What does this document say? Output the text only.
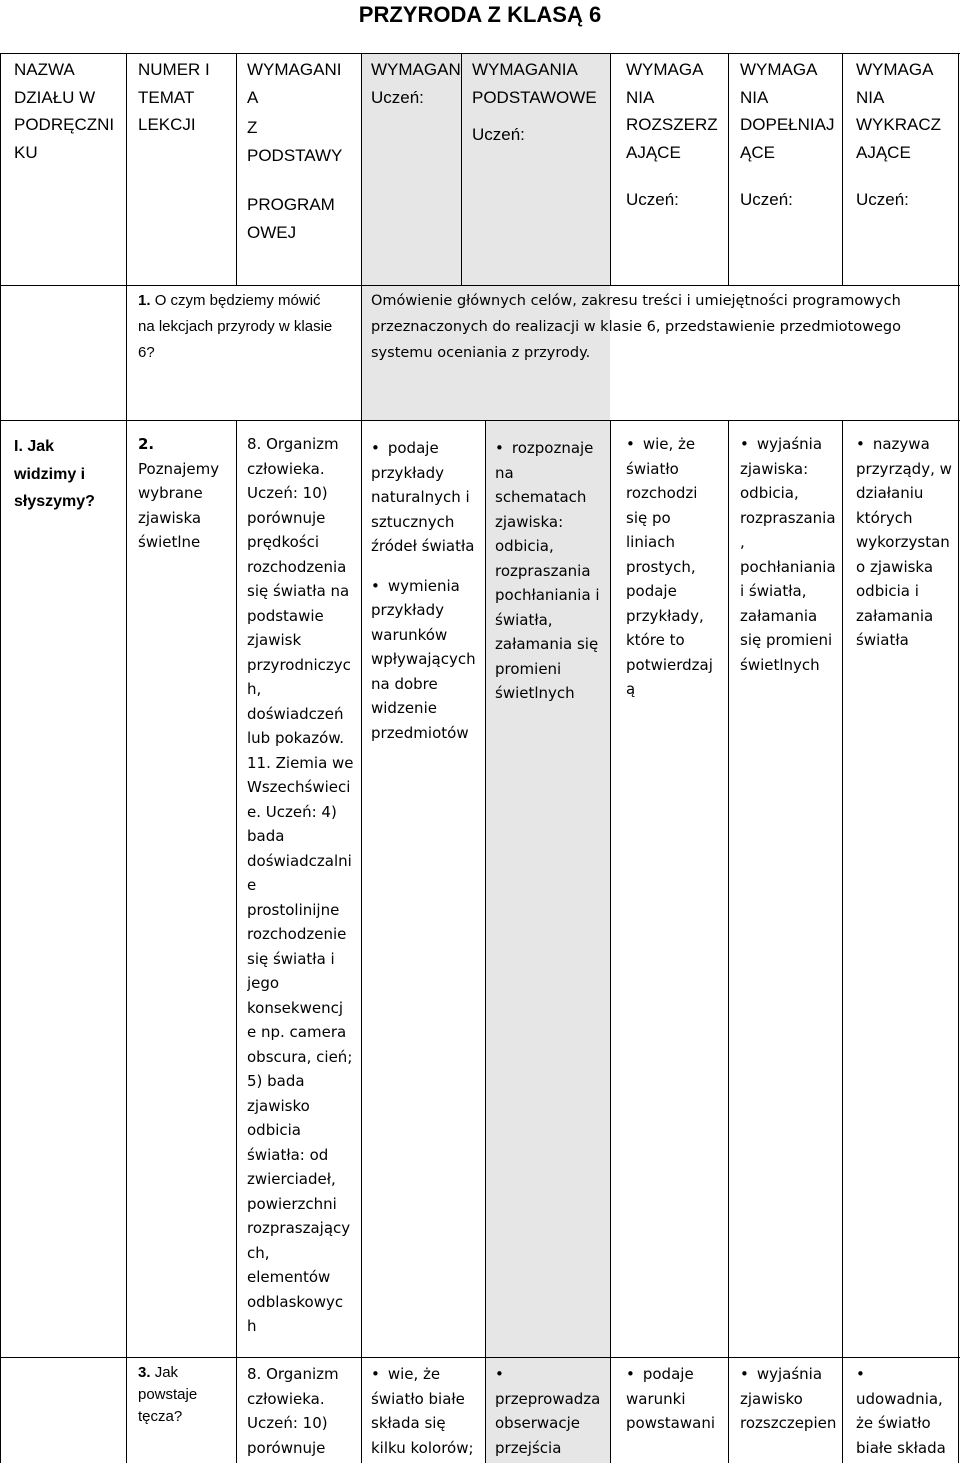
PRZYRODA Z KLASĄ 6
NAZWA
DZIAŁU W
PODRĘCZNI
KU
NUMER I
TEMAT
LEKCJI
WYMAGANI
A
Z
PODSTAWY
PROGRAM
OWEJ
WYMAGAN
Uczeń:
WYMAGANIA
PODSTAWOWE
Uczeń:
WYMAGA
NIA
ROZSZERZ
AJĄCE
Uczeń:
WYMAGA
NIA
DOPEŁNIAJ
ĄCE
Uczeń:
WYMAGA
NIA
WYKRACZ
AJĄCE
Uczeń:
1. O czym będziemy mówić
na lekcjach przyrody w klasie
6?
Omówienie głównych celów, zakresu treści i umiejętności programowych
przeznaczonych do realizacji w klasie 6, przedstawienie przedmiotowego
systemu oceniania z przyrody.
I. Jak
widzimy i
słyszymy?
2.
Poznajemy
wybrane
zjawiska
świetlne
8. Organizm
człowieka.
Uczeń: 10)
porównuje
prędkości
rozchodzenia
się światła na
podstawie
zjawisk
przyrodniczyc
h,
doświadczeń
lub pokazów.
11. Ziemia we
Wszechświeci
e. Uczeń: 4)
bada
doświadczalni
e
prostolinijne
rozchodzenie
się światła i
jego
konsekwencj
e np. camera
obscura, cień;
5) bada
zjawisko
odbicia
światła: od
zwierciadeł,
powierzchni
rozpraszający
ch,
elementów
odblaskowyc
h
• podaje
przykłady
naturalnych i
sztucznych
źródeł światła
• wymienia
przykłady
warunków
wpływających
na dobre
widzenie
przedmiotów
• rozpoznaje
na schematach
zjawiska:
odbicia,
rozpraszania
pochłaniania i
światła,
załamania się
promieni
świetlnych
• wie, że
światło
rozchodzi
się po
liniach
prostych,
podaje
przykłady,
które to
potwierdzaj
ą
• wyjaśnia
zjawiska:
odbicia,
rozpraszania
,
pochłaniania
i światła,
załamania
się promieni
świetlnych
• nazywa
przyrządy, w
działaniu
których
wykorzystan
o zjawiska
odbicia i
załamania
światła
3. Jak
powstaje
tęcza?
8. Organizm
człowieka.
Uczeń: 10)
porównuje
• wie, że
światło białe
składa się
kilku kolorów;
•
przeprowadza
obserwacje
przejścia
• podaje
warunki
powstawani
• wyjaśnia
zjawisko
rozszczepien
•
udowadnia,
że światło
białe składa
